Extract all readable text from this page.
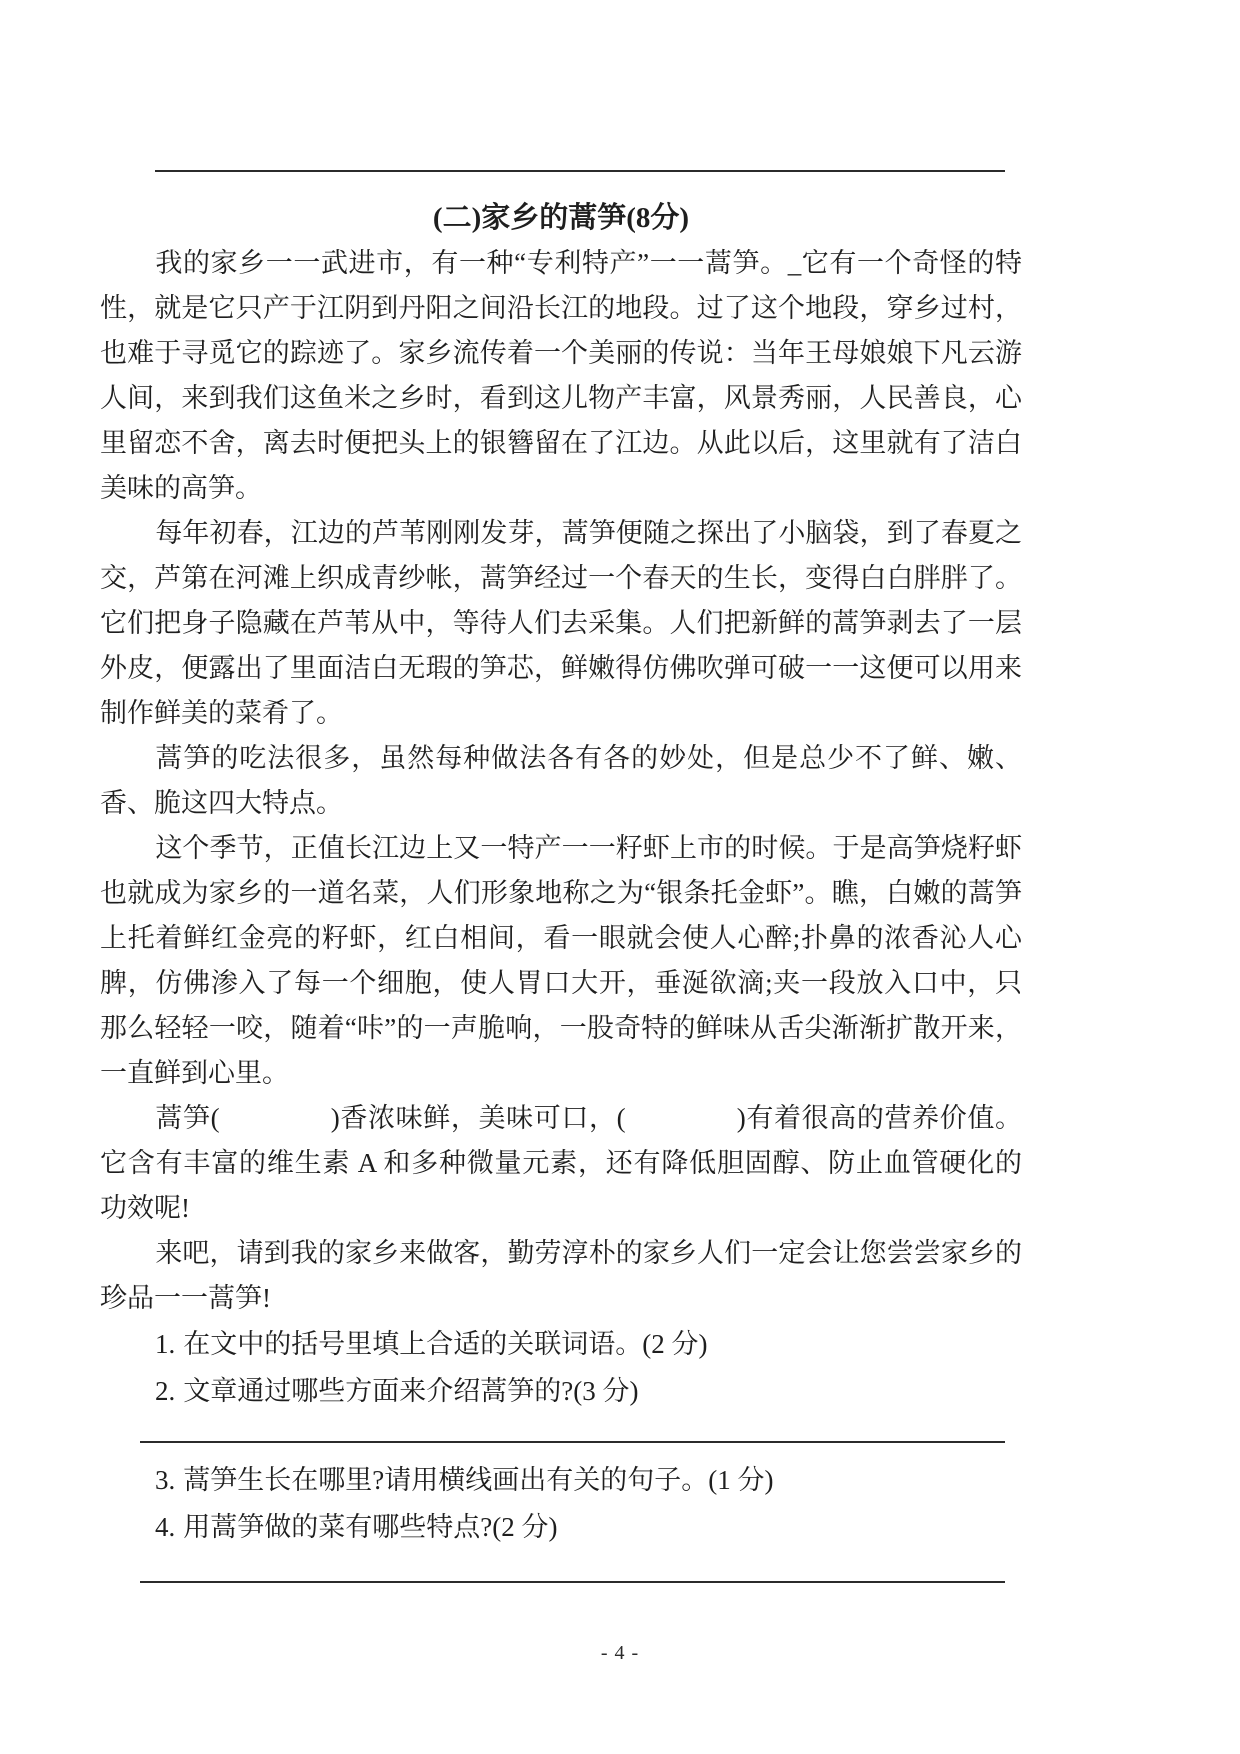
(二)家乡的蒿笋(8分)

我的家乡一一武进市，有一种“专利特产”一一蒿笋。_它有一个奇怪的特性，就是它只产于江阴到丹阳之间沿长江的地段。过了这个地段，穿乡过村，也难于寻觅它的踪迹了。家乡流传着一个美丽的传说：当年王母娘娘下凡云游人间，来到我们这鱼米之乡时，看到这儿物产丰富，风景秀丽，人民善良，心里留恋不舍，离去时便把头上的银簪留在了江边。从此以后，这里就有了洁白美味的高笋。

每年初春，江边的芦苇刚刚发芽，蒿笋便随之探出了小脑袋，到了春夏之交，芦第在河滩上织成青纱帐，蒿笋经过一个春天的生长，变得白白胖胖了。它们把身子隐藏在芦苇从中，等待人们去采集。人们把新鲜的蒿笋剥去了一层外皮，便露出了里面洁白无瑕的笋芯，鲜嫩得仿佛吹弹可破一一这便可以用来制作鲜美的菜肴了。

蒿笋的吃法很多，虽然每种做法各有各的妙处，但是总少不了鲜、嫩、香、脆这四大特点。

这个季节，正值长江边上又一特产一一籽虾上市的时候。于是高笋烧籽虾也就成为家乡的一道名菜，人们形象地称之为“银条托金虾”。瞧，白嫩的蒿笋上托着鲜红金亮的籽虾，红白相间，看一眼就会使人心醉;扑鼻的浓香沁人心脾，仿佛渗入了每一个细胞，使人胃口大开，垂涎欲滴;夹一段放入口中，只那么轻轻一咬，随着“咔”的一声脆响，一股奇特的鲜味从舌尖渐渐扩散开来，一直鲜到心里。

蒿笋(　　　　)香浓味鲜，美味可口，(　　　　)有着很高的营养价值。它含有丰富的维生素 A 和多种微量元素，还有降低胆固醇、防止血管硬化的功效呢!

来吧，请到我的家乡来做客，勤劳淳朴的家乡人们一定会让您尝尝家乡的珍品一一蒿笋!

1. 在文中的括号里填上合适的关联词语。(2 分)

2. 文章通过哪些方面来介绍蒿笋的?(3 分)

3. 蒿笋生长在哪里?请用横线画出有关的句子。(1 分)

4. 用蒿笋做的菜有哪些特点?(2 分)

- 4 -
